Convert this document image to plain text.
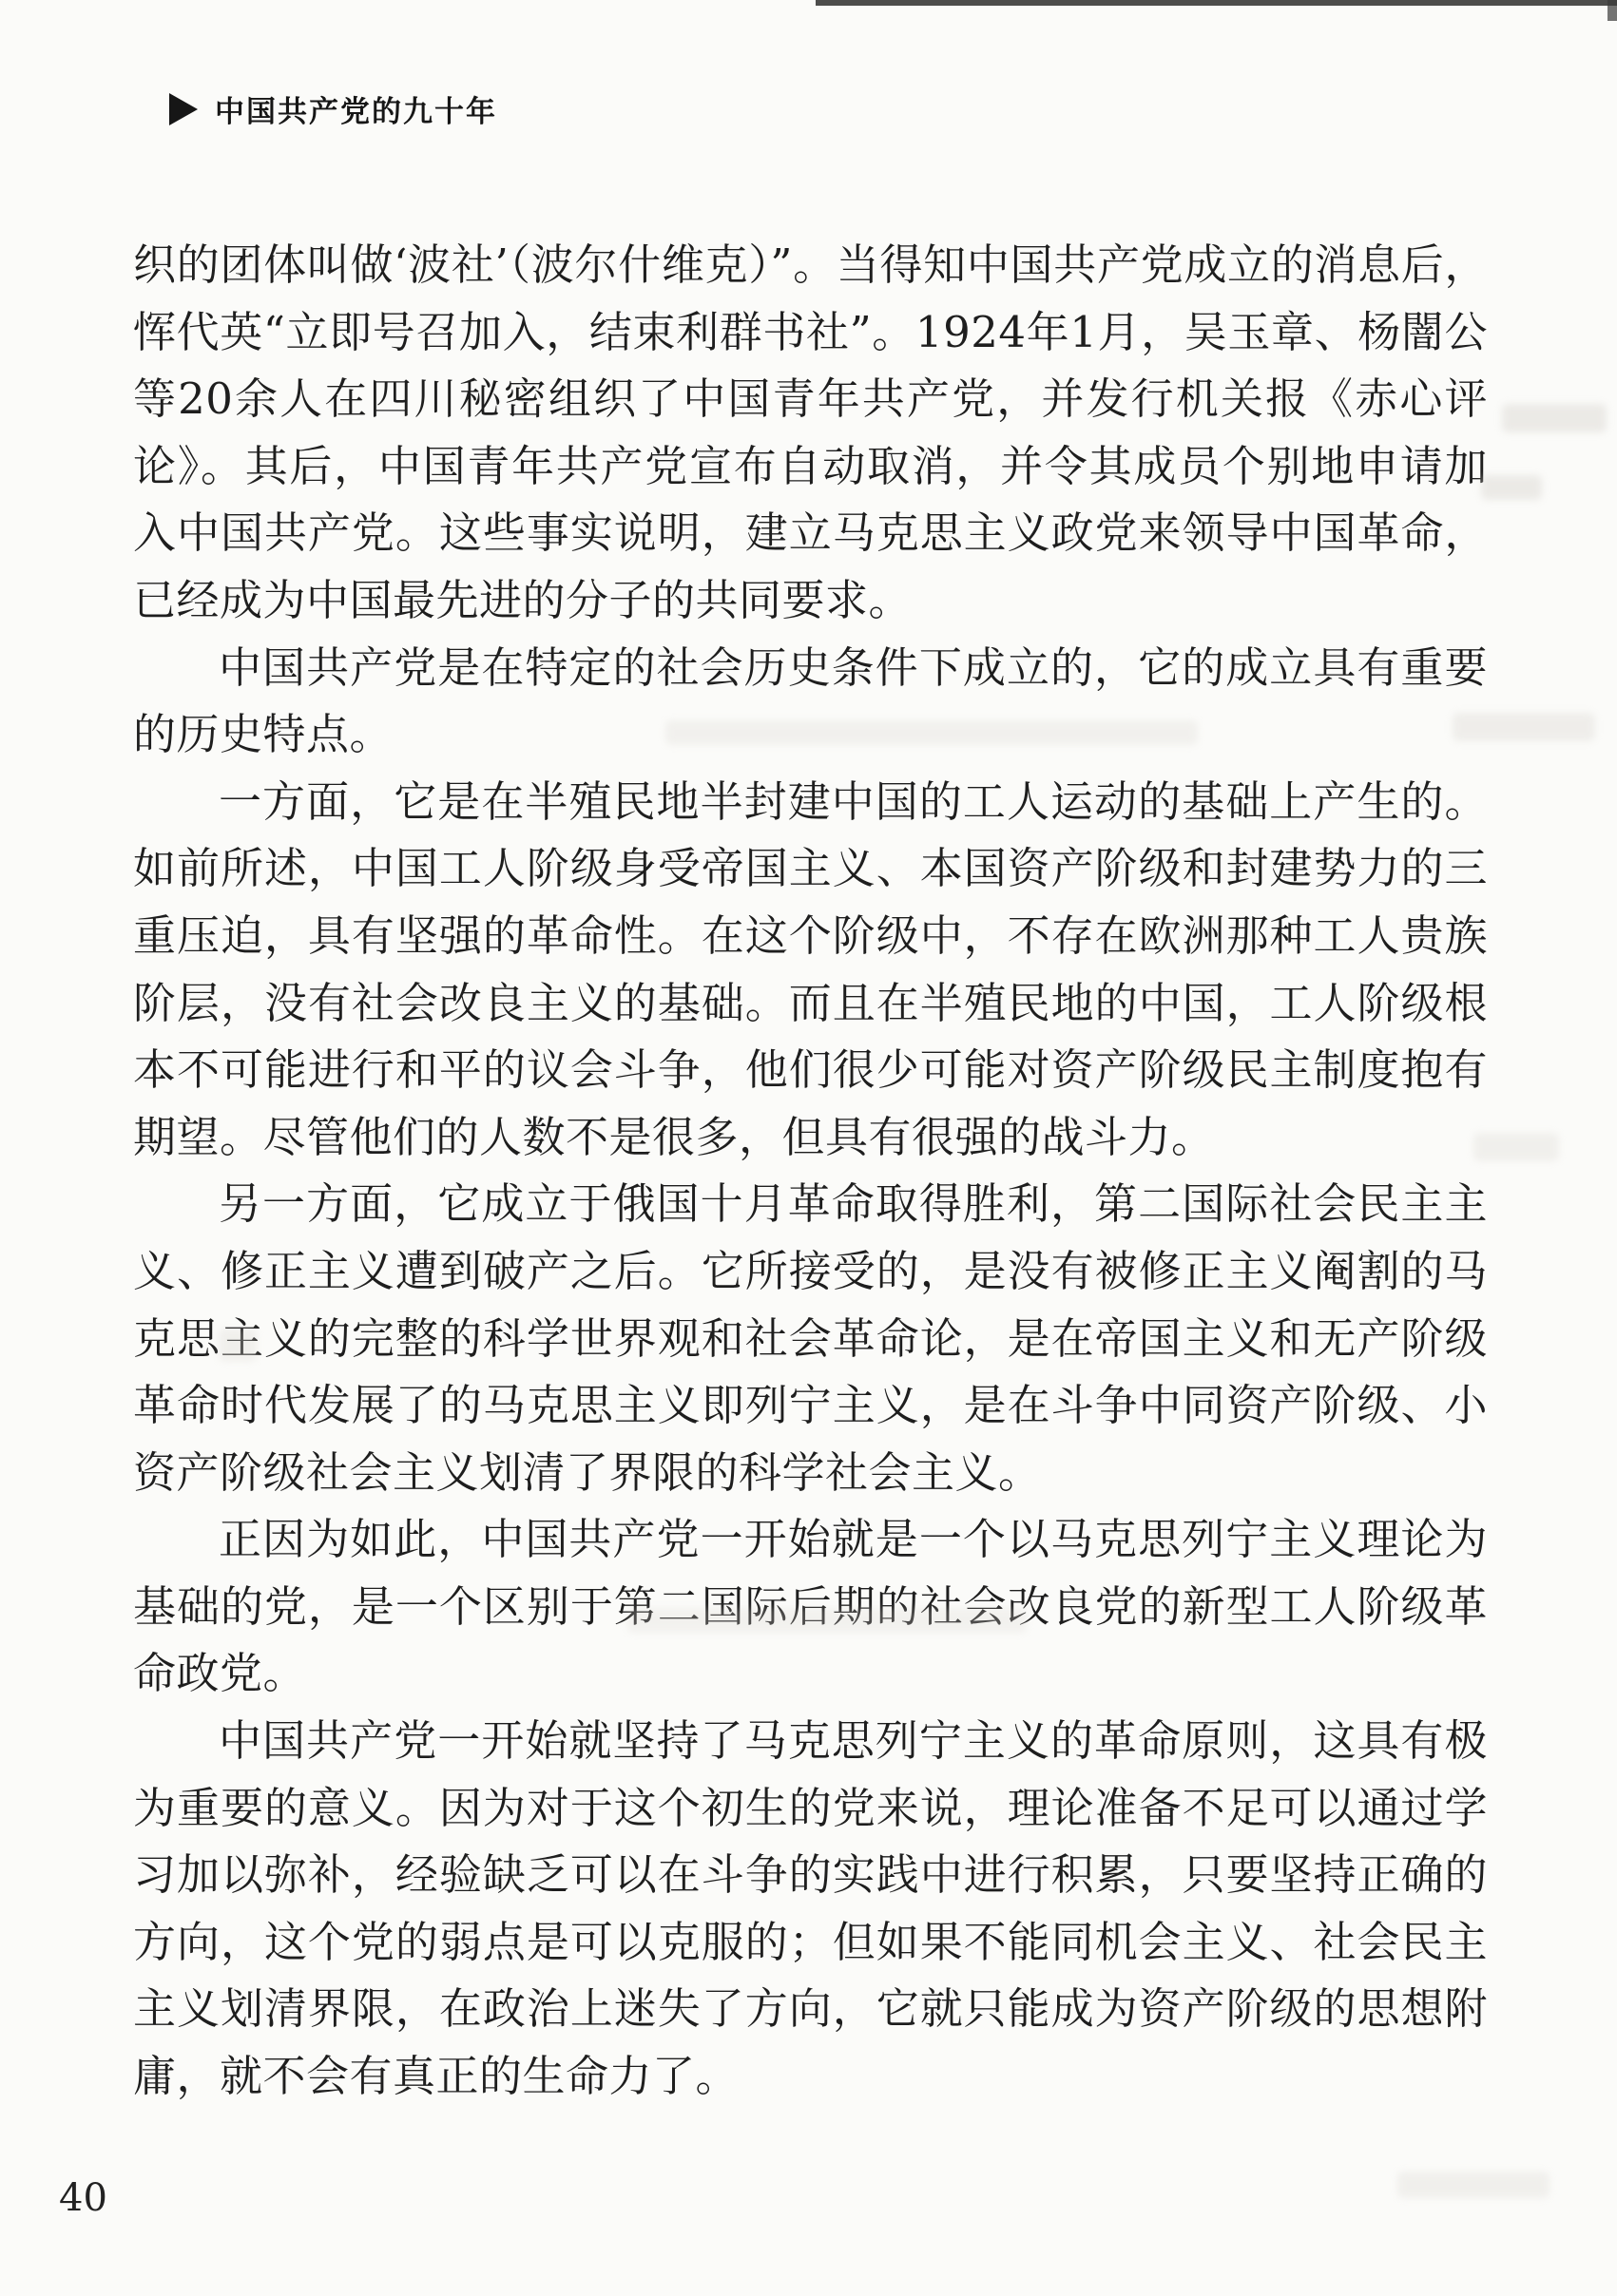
中国共产党的九十年

织的团体叫做‘波社’（波尔什维克）”。当得知中国共产党成立的消息后，恽代英“立即号召加入，结束利群书社”。1924年1月，吴玉章、杨闇公等20余人在四川秘密组织了中国青年共产党，并发行机关报《赤心评论》。其后，中国青年共产党宣布自动取消，并令其成员个别地申请加入中国共产党。这些事实说明，建立马克思主义政党来领导中国革命，已经成为中国最先进的分子的共同要求。

中国共产党是在特定的社会历史条件下成立的，它的成立具有重要的历史特点。

一方面，它是在半殖民地半封建中国的工人运动的基础上产生的。如前所述，中国工人阶级身受帝国主义、本国资产阶级和封建势力的三重压迫，具有坚强的革命性。在这个阶级中，不存在欧洲那种工人贵族阶层，没有社会改良主义的基础。而且在半殖民地的中国，工人阶级根本不可能进行和平的议会斗争，他们很少可能对资产阶级民主制度抱有期望。尽管他们的人数不是很多，但具有很强的战斗力。

另一方面，它成立于俄国十月革命取得胜利，第二国际社会民主主义、修正主义遭到破产之后。它所接受的，是没有被修正主义阉割的马克思主义的完整的科学世界观和社会革命论，是在帝国主义和无产阶级革命时代发展了的马克思主义即列宁主义，是在斗争中同资产阶级、小资产阶级社会主义划清了界限的科学社会主义。

正因为如此，中国共产党一开始就是一个以马克思列宁主义理论为基础的党，是一个区别于第二国际后期的社会改良党的新型工人阶级革命政党。

中国共产党一开始就坚持了马克思列宁主义的革命原则，这具有极为重要的意义。因为对于这个初生的党来说，理论准备不足可以通过学习加以弥补，经验缺乏可以在斗争的实践中进行积累，只要坚持正确的方向，这个党的弱点是可以克服的；但如果不能同机会主义、社会民主主义划清界限，在政治上迷失了方向，它就只能成为资产阶级的思想附庸，就不会有真正的生命力了。

40
